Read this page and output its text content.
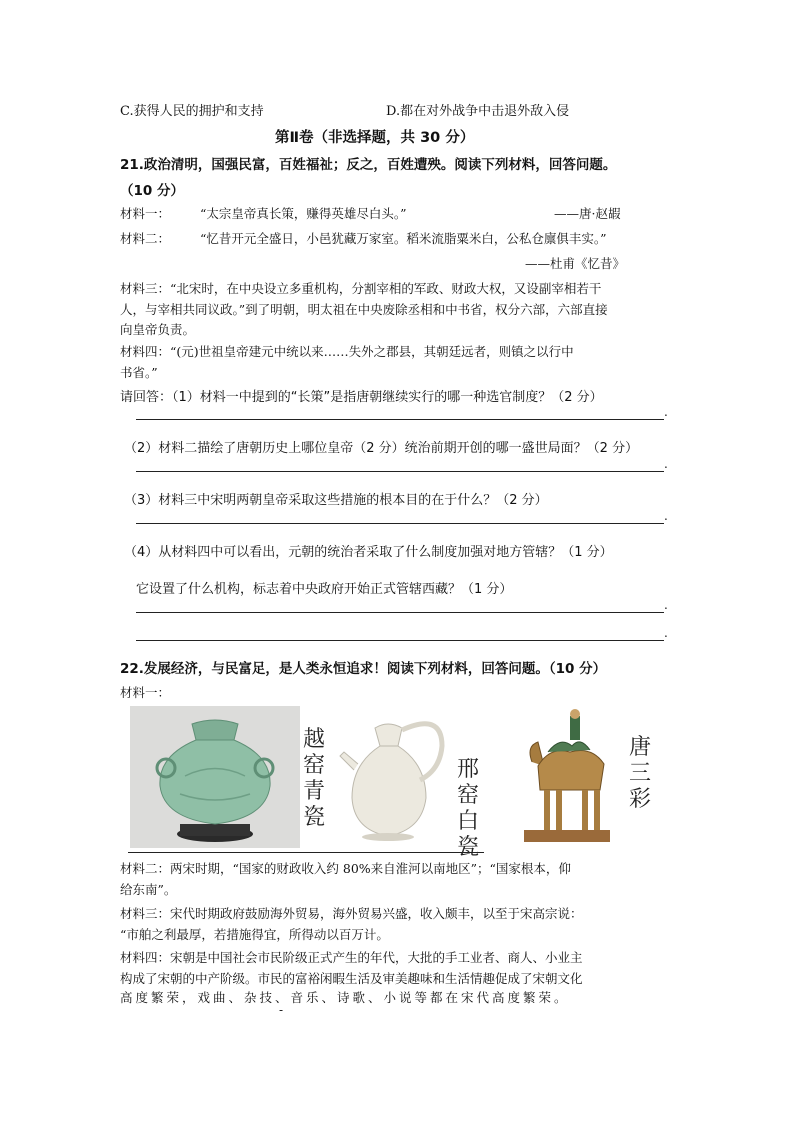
C.获得人民的拥护和支持	D.都在对外战争中击退外敌入侵
第Ⅱ卷（非选择题，共 30 分）
21.政治清明，国强民富，百姓福祉；反之，百姓遭殃。阅读下列材料，回答问题。
（10 分）
材料一： “太宗皇帝真长策，赚得英雄尽白头。”	——唐·赵嘏
材料二： “忆昔开元全盛日，小邑犹藏万家室。稻米流脂粟米白，公私仓廪俱丰实。”
——杜甫《忆昔》
材料三：“北宋时，在中央设立多重机构，分割宰相的军政、财政大权，又设副宰相若干
人，与宰相共同议政。”到了明朝，明太祖在中央废除丞相和中书省，权分六部，六部直接
向皇帝负责。
材料四：“(元)世祖皇帝建元中统以来……失外之郡县，其朝廷远者，则镇之以行中
书省。”
请回答：（1）材料一中提到的“长策”是指唐朝继续实行的哪一种选官制度？（2 分）
.
（2）材料二描绘了唐朝历史上哪位皇帝（2 分）统治前期开创的哪一盛世局面？（2 分）
.
（3）材料三中宋明两朝皇帝采取这些措施的根本目的在于什么？（2 分）
.
（4）从材料四中可以看出，元朝的统治者采取了什么制度加强对地方管辖？（1 分）
它设置了什么机构，标志着中央政府开始正式管辖西藏？（1 分）
.
.
22.发展经济，与民富足，是人类永恒追求！阅读下列材料，回答问题。（10 分）
材料一：
越窑青瓷
邢窑白瓷
唐三彩
材料二：两宋时期，“国家的财政收入约 80%来自淮河以南地区”；“国家根本，仰
给东南”。
材料三：宋代时期政府鼓励海外贸易，海外贸易兴盛，收入颇丰，以至于宋高宗说：
“市舶之利最厚，若措施得宜，所得动以百万计。
材料四：宋朝是中国社会市民阶级正式产生的年代，大批的手工业者、商人、小业主
构成了宋朝的中产阶级。市民的富裕闲暇生活及审美趣味和生活情趣促成了宋朝文化
高度繁荣，戏曲、杂技、音乐、诗歌、小说等都在宋代高度繁荣。
-
